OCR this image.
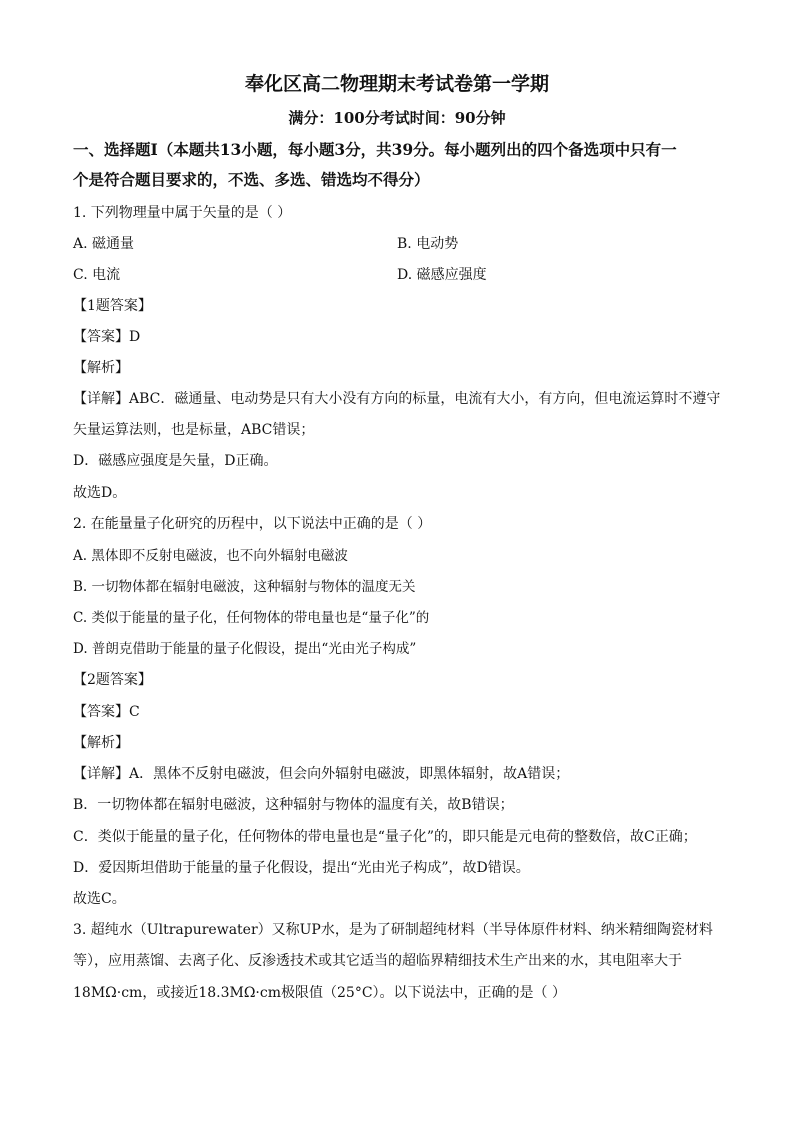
奉化区高二物理期末考试卷第一学期
满分：100分考试时间：90分钟
一、选择题Ⅰ（本题共13小题，每小题3分，共39分。每小题列出的四个备选项中只有一
个是符合题目要求的，不选、多选、错选均不得分）
1. 下列物理量中属于矢量的是（ ）
A. 磁通量	B. 电动势
C. 电流	D. 磁感应强度
【1题答案】
【答案】D
【解析】
【详解】ABC．磁通量、电动势是只有大小没有方向的标量，电流有大小，有方向，但电流运算时不遵守
矢量运算法则，也是标量，ABC错误；
D．磁感应强度是矢量，D正确。
故选D。
2. 在能量量子化研究的历程中，以下说法中正确的是（ ）
A. 黑体即不反射电磁波，也不向外辐射电磁波
B. 一切物体都在辐射电磁波，这种辐射与物体的温度无关
C. 类似于能量的量子化，任何物体的带电量也是“量子化”的
D. 普朗克借助于能量的量子化假设，提出“光由光子构成”
【2题答案】
【答案】C
【解析】
【详解】A．黑体不反射电磁波，但会向外辐射电磁波，即黑体辐射，故A错误；
B．一切物体都在辐射电磁波，这种辐射与物体的温度有关，故B错误；
C．类似于能量的量子化，任何物体的带电量也是“量子化”的，即只能是元电荷的整数倍，故C正确；
D．爱因斯坦借助于能量的量子化假设，提出“光由光子构成”，故D错误。
故选C。
3. 超纯水（Ultrapurewater）又称UP水，是为了研制超纯材料（半导体原件材料、纳米精细陶瓷材料
等），应用蒸馏、去离子化、反渗透技术或其它适当的超临界精细技术生产出来的水，其电阻率大于
18MΩ·cm，或接近18.3MΩ·cm极限值（25°C）。以下说法中，正确的是（ ）
